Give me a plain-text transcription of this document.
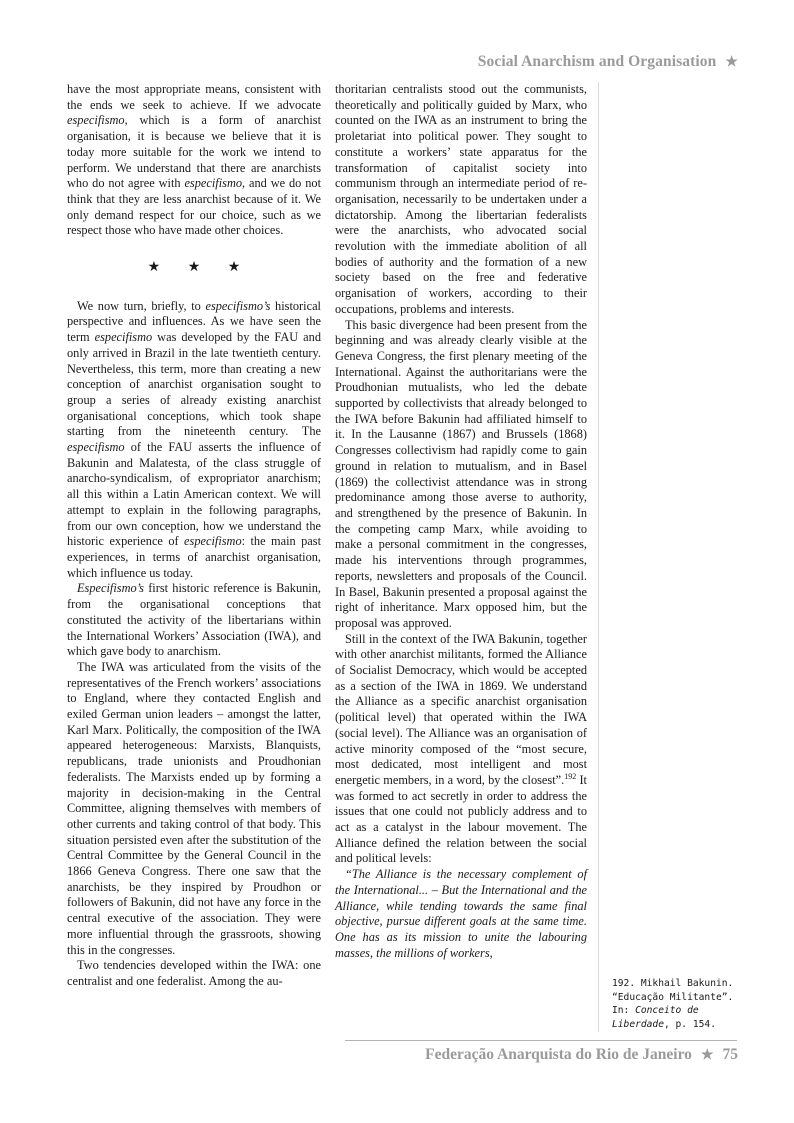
Social Anarchism and Organisation ★

have the most appropriate means, consistent with the ends we seek to achieve. If we advocate especifismo, which is a form of anarchist organisation, it is because we believe that it is today more suitable for the work we intend to perform. We understand that there are anarchists who do not agree with especifismo, and we do not think that they are less anarchist because of it. We only demand respect for our choice, such as we respect those who have made other choices.

★ ★ ★

We now turn, briefly, to especifismo’s historical perspective and influences. As we have seen the term especifismo was developed by the FAU and only arrived in Brazil in the late twentieth century. Nevertheless, this term, more than creating a new conception of anarchist organisation sought to group a series of already existing anarchist organisational conceptions, which took shape starting from the nineteenth century. The especifismo of the FAU asserts the influence of Bakunin and Malatesta, of the class struggle of anarcho-syndicalism, of expropriator anarchism; all this within a Latin American context. We will attempt to explain in the following paragraphs, from our own conception, how we understand the historic experience of especifismo: the main past experiences, in terms of anarchist organisation, which influence us today.

Especifismo’s first historic reference is Bakunin, from the organisational conceptions that constituted the activity of the libertarians within the International Workers’ Association (IWA), and which gave body to anarchism.

The IWA was articulated from the visits of the representatives of the French workers’ associations to England, where they contacted English and exiled German union leaders – amongst the latter, Karl Marx. Politically, the composition of the IWA appeared heterogeneous: Marxists, Blanquists, republicans, trade unionists and Proudhonian federalists. The Marxists ended up by forming a majority in decision-making in the Central Committee, aligning themselves with members of other currents and taking control of that body. This situation persisted even after the substitution of the Central Committee by the General Council in the 1866 Geneva Congress. There one saw that the anarchists, be they inspired by Proudhon or followers of Bakunin, did not have any force in the central executive of the association. They were more influential through the grassroots, showing this in the congresses.

Two tendencies developed within the IWA: one centralist and one federalist. Among the au-

thoritarian centralists stood out the communists, theoretically and politically guided by Marx, who counted on the IWA as an instrument to bring the proletariat into political power. They sought to constitute a workers’ state apparatus for the transformation of capitalist society into communism through an intermediate period of re-organisation, necessarily to be undertaken under a dictatorship. Among the libertarian federalists were the anarchists, who advocated social revolution with the immediate abolition of all bodies of authority and the formation of a new society based on the free and federative organisation of workers, according to their occupations, problems and interests.

This basic divergence had been present from the beginning and was already clearly visible at the Geneva Congress, the first plenary meeting of the International. Against the authoritarians were the Proudhonian mutualists, who led the debate supported by collectivists that already belonged to the IWA before Bakunin had affiliated himself to it. In the Lausanne (1867) and Brussels (1868) Congresses collectivism had rapidly come to gain ground in relation to mutualism, and in Basel (1869) the collectivist attendance was in strong predominance among those averse to authority, and strengthened by the presence of Bakunin. In the competing camp Marx, while avoiding to make a personal commitment in the congresses, made his interventions through programmes, reports, newsletters and proposals of the Council. In Basel, Bakunin presented a proposal against the right of inheritance. Marx opposed him, but the proposal was approved.

Still in the context of the IWA Bakunin, together with other anarchist militants, formed the Alliance of Socialist Democracy, which would be accepted as a section of the IWA in 1869. We understand the Alliance as a specific anarchist organisation (political level) that operated within the IWA (social level). The Alliance was an organisation of active minority composed of the “most secure, most dedicated, most intelligent and most energetic members, in a word, by the closest”.$^{192}$ It was formed to act secretly in order to address the issues that one could not publicly address and to act as a catalyst in the labour movement. The Alliance defined the relation between the social and political levels:

“The Alliance is the necessary complement of the International... – But the International and the Alliance, while tending towards the same final objective, pursue different goals at the same time. One has as its mission to unite the labouring masses, the millions of workers,

192. Mikhail Bakunin. “Educação Militante”. In: Conceito de Liberdade, p. 154.
Federação Anarquista do Rio de Janeiro ★ 75
